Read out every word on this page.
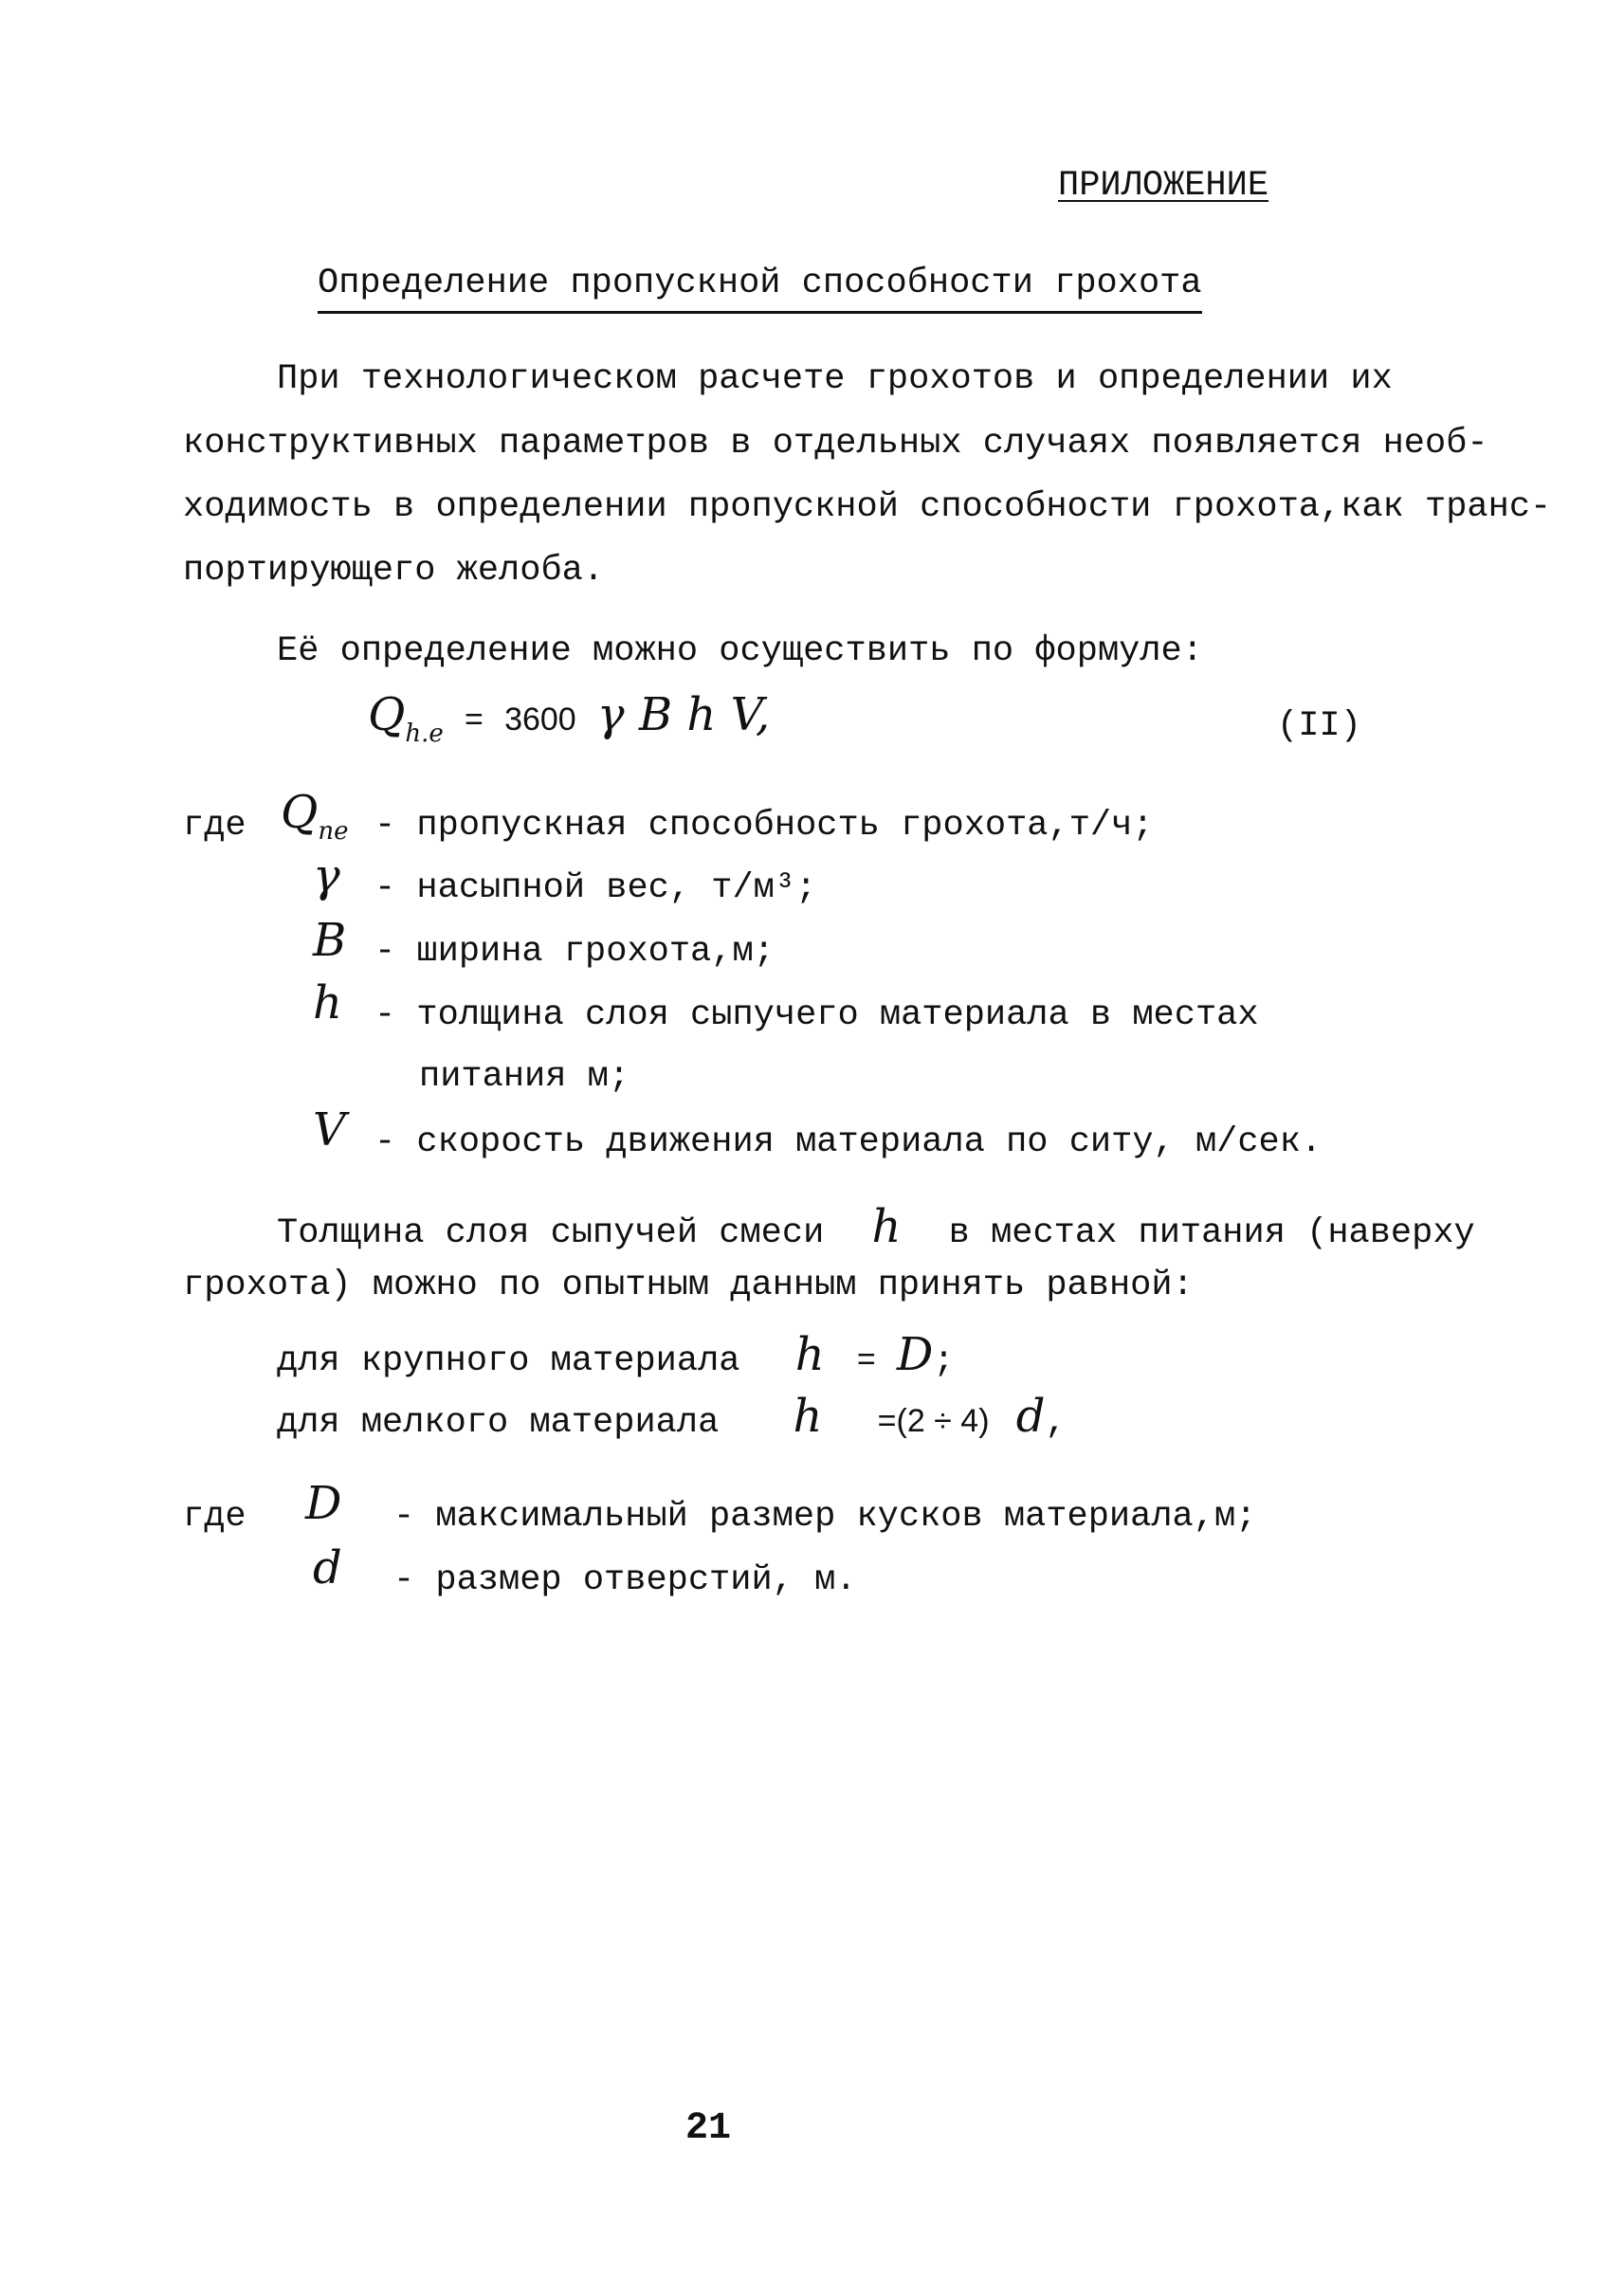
ПРИЛОЖЕНИЕ
Определение пропускной способности грохота
При технологическом расчете грохотов и определении их
конструктивных параметров в отдельных случаях появляется необ-
ходимость в определении пропускной способности грохота,как транс-
портирующего желоба.
Её определение можно осуществить по формуле:
$Q_{h.e} = 3600$ γ B h V,	(II)
где $Q_{ne}$ - пропускная способность грохота,т/ч;
γ - насыпной вес, т/м³;
B - ширина грохота,м;
h - толщина слоя сыпучего материала в местах
питания м;
V - скорость движения материала по ситу, м/сек.
Толщина слоя сыпучей смеси h в местах питания (наверху
грохота) можно по опытным данным принять равной:
для крупного материала h = D;
для мелкого материала h =(2 ÷ 4) d,
где D - максимальный размер кусков материала,м;
d - размер отверстий, м.
21
